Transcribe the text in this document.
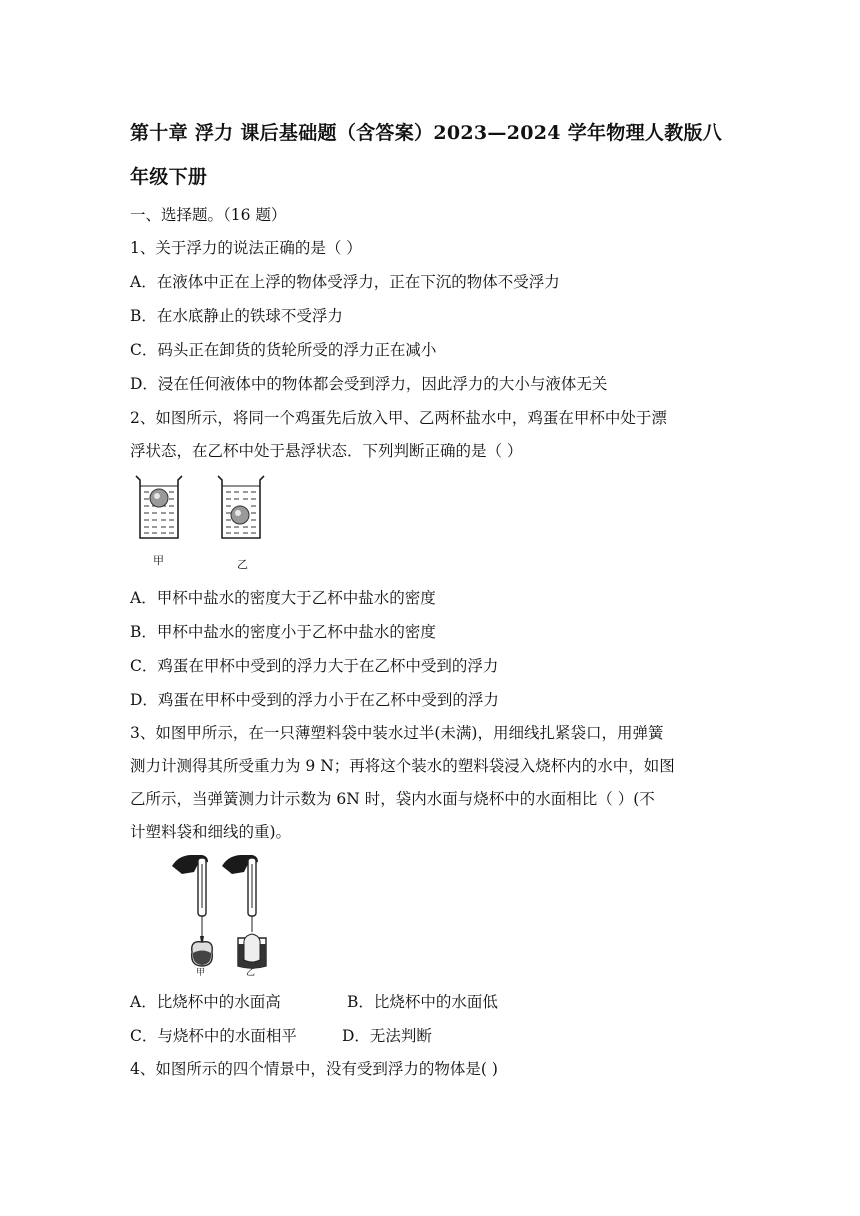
第十章 浮力 课后基础题（含答案）2023—2024 学年物理人教版八
年级下册
一、选择题。（16 题）
1、关于浮力的说法正确的是（ ）
A．在液体中正在上浮的物体受浮力，正在下沉的物体不受浮力
B．在水底静止的铁球不受浮力
C．码头正在卸货的货轮所受的浮力正在减小
D．浸在任何液体中的物体都会受到浮力，因此浮力的大小与液体无关
2、如图所示，将同一个鸡蛋先后放入甲、乙两杯盐水中，鸡蛋在甲杯中处于漂
浮状态，在乙杯中处于悬浮状态．下列判断正确的是（ ）
甲	乙
A．甲杯中盐水的密度大于乙杯中盐水的密度
B．甲杯中盐水的密度小于乙杯中盐水的密度
C．鸡蛋在甲杯中受到的浮力大于在乙杯中受到的浮力
D．鸡蛋在甲杯中受到的浮力小于在乙杯中受到的浮力
3、如图甲所示，在一只薄塑料袋中装水过半(未满)，用细线扎紧袋口，用弹簧
测力计测得其所受重力为 9 N；再将这个装水的塑料袋浸入烧杯内的水中，如图
乙所示，当弹簧测力计示数为 6N 时，袋内水面与烧杯中的水面相比（ ）(不
计塑料袋和细线的重)。
甲	乙
A．比烧杯中的水面高	B．比烧杯中的水面低
C．与烧杯中的水面相平	D．无法判断
4、如图所示的四个情景中，没有受到浮力的物体是( )
